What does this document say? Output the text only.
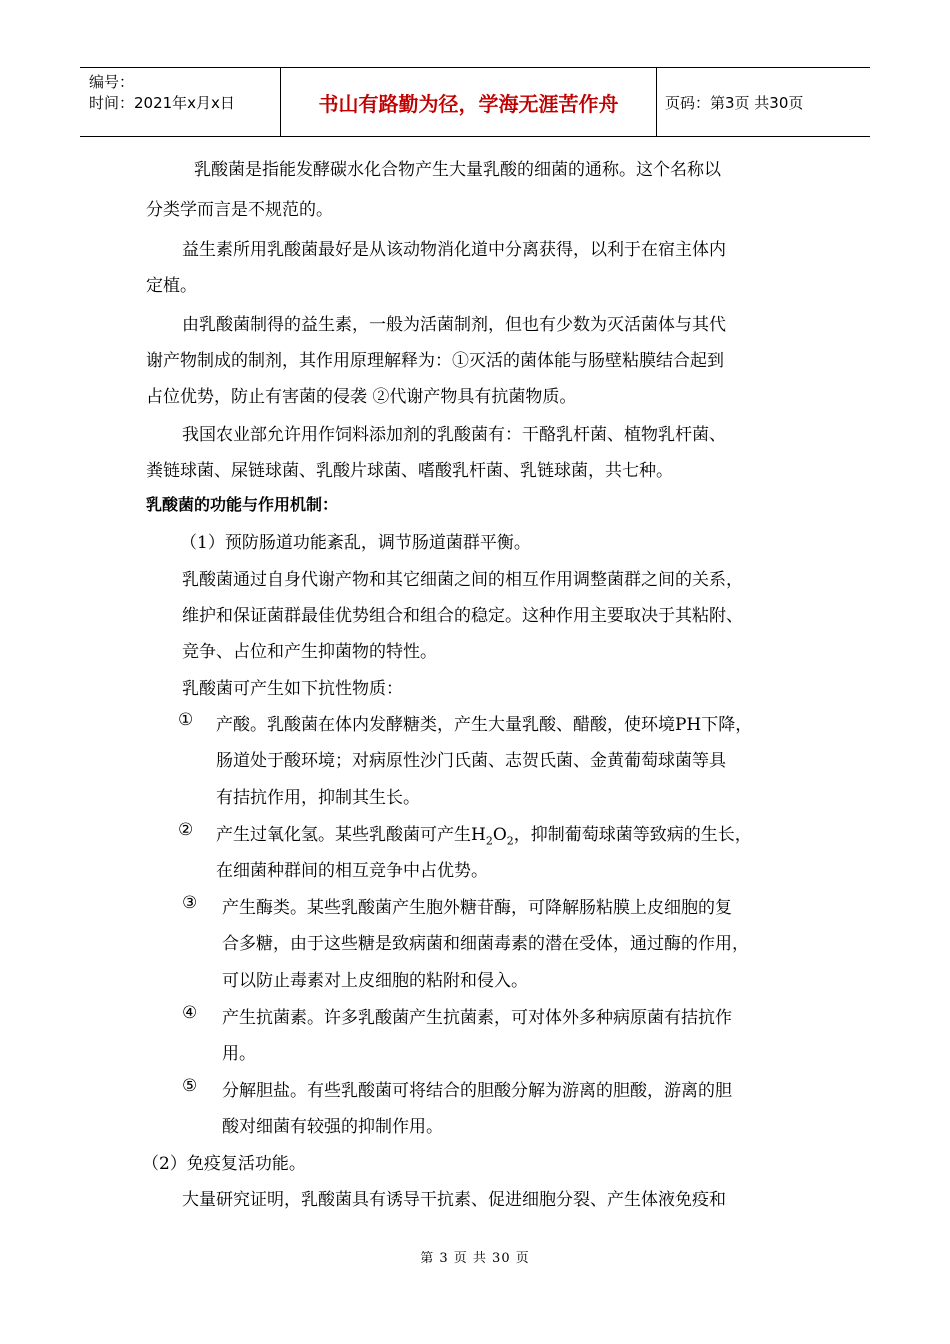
编号：
时间：2021年x月x日	书山有路勤为径，学海无涯苦作舟	页码：第3页 共30页
乳酸菌是指能发酵碳水化合物产生大量乳酸的细菌的通称。这个名称以
分类学而言是不规范的。
益生素所用乳酸菌最好是从该动物消化道中分离获得，以利于在宿主体内
定植。
由乳酸菌制得的益生素，一般为活菌制剂，但也有少数为灭活菌体与其代
谢产物制成的制剂，其作用原理解释为：①灭活的菌体能与肠壁粘膜结合起到
占位优势，防止有害菌的侵袭 ②代谢产物具有抗菌物质。
我国农业部允许用作饲料添加剂的乳酸菌有：干酪乳杆菌、植物乳杆菌、
粪链球菌、屎链球菌、乳酸片球菌、嗜酸乳杆菌、乳链球菌，共七种。
乳酸菌的功能与作用机制：
（1）预防肠道功能紊乱，调节肠道菌群平衡。
乳酸菌通过自身代谢产物和其它细菌之间的相互作用调整菌群之间的关系，
维护和保证菌群最佳优势组合和组合的稳定。这种作用主要取决于其粘附、
竞争、占位和产生抑菌物的特性。
乳酸菌可产生如下抗性物质：
① 产酸。乳酸菌在体内发酵糖类，产生大量乳酸、醋酸，使环境PH下降，
肠道处于酸环境；对病原性沙门氏菌、志贺氏菌、金黄葡萄球菌等具
有拮抗作用，抑制其生长。
② 产生过氧化氢。某些乳酸菌可产生$H_2O_2$，抑制葡萄球菌等致病的生长，
在细菌种群间的相互竞争中占优势。
③ 产生酶类。某些乳酸菌产生胞外糖苷酶，可降解肠粘膜上皮细胞的复
合多糖，由于这些糖是致病菌和细菌毒素的潜在受体，通过酶的作用，
可以防止毒素对上皮细胞的粘附和侵入。
④ 产生抗菌素。许多乳酸菌产生抗菌素，可对体外多种病原菌有拮抗作
用。
⑤ 分解胆盐。有些乳酸菌可将结合的胆酸分解为游离的胆酸，游离的胆
酸对细菌有较强的抑制作用。
（2）免疫复活功能。
大量研究证明，乳酸菌具有诱导干抗素、促进细胞分裂、产生体液免疫和
第 3 页 共 30 页
